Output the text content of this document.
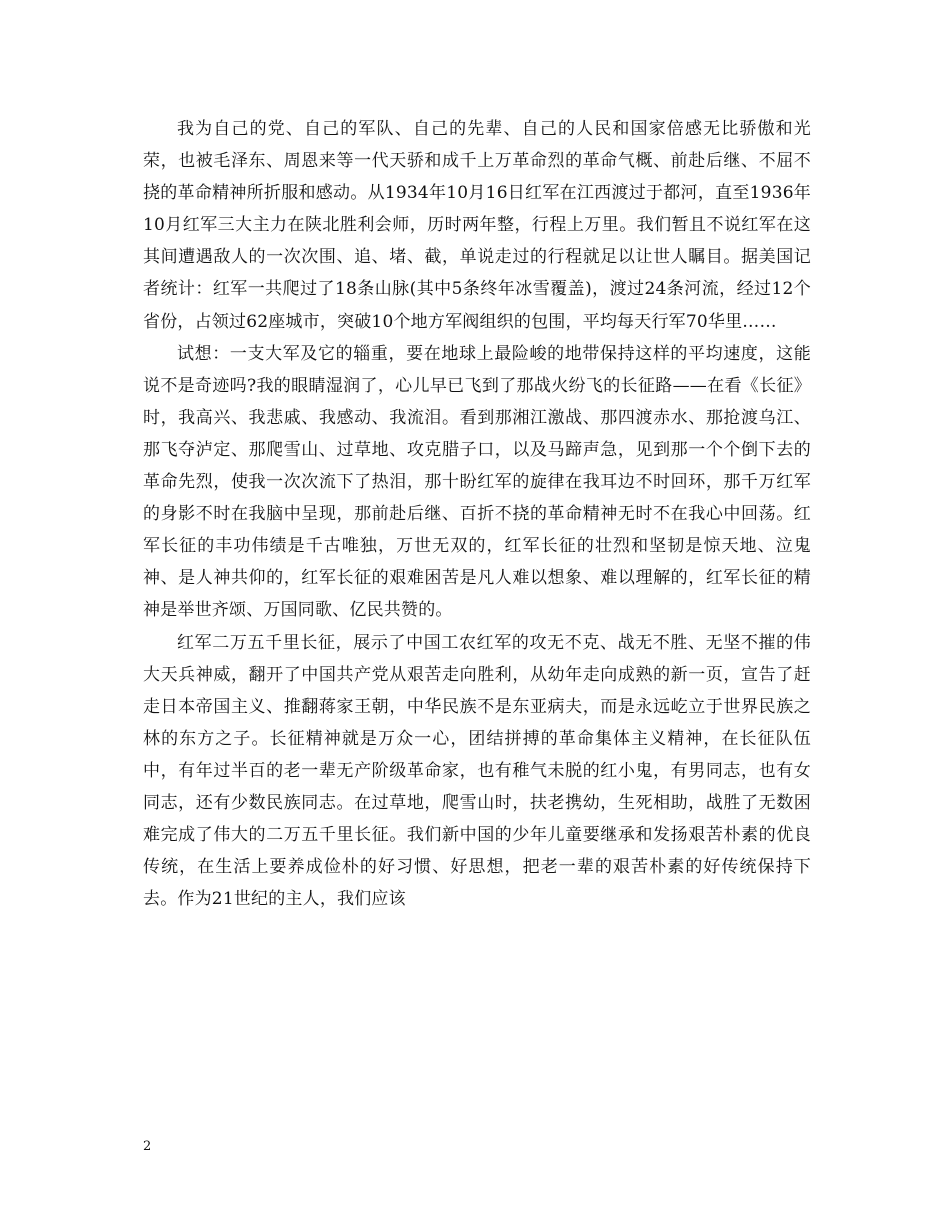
我为自己的党、自己的军队、自己的先辈、自己的人民和国家倍感无比骄傲和光荣，也被毛泽东、周恩来等一代天骄和成千上万革命烈的革命气概、前赴后继、不屈不挠的革命精神所折服和感动。从1934年10月16日红军在江西渡过于都河，直至1936年10月红军三大主力在陕北胜利会师，历时两年整，行程上万里。我们暂且不说红军在这其间遭遇敌人的一次次围、追、堵、截，单说走过的行程就足以让世人瞩目。据美国记者统计：红军一共爬过了18条山脉(其中5条终年冰雪覆盖)，渡过24条河流，经过12个省份，占领过62座城市，突破10个地方军阀组织的包围，平均每天行军70华里……

试想：一支大军及它的辎重，要在地球上最险峻的地带保持这样的平均速度，这能说不是奇迹吗?我的眼睛湿润了，心儿早已飞到了那战火纷飞的长征路——在看《长征》时，我高兴、我悲戚、我感动、我流泪。看到那湘江激战、那四渡赤水、那抢渡乌江、那飞夺泸定、那爬雪山、过草地、攻克腊子口，以及马蹄声急，见到那一个个倒下去的革命先烈，使我一次次流下了热泪，那十盼红军的旋律在我耳边不时回环，那千万红军的身影不时在我脑中呈现，那前赴后继、百折不挠的革命精神无时不在我心中回荡。红军长征的丰功伟绩是千古唯独，万世无双的，红军长征的壮烈和坚韧是惊天地、泣鬼神、是人神共仰的，红军长征的艰难困苦是凡人难以想象、难以理解的，红军长征的精神是举世齐颂、万国同歌、亿民共赞的。

红军二万五千里长征，展示了中国工农红军的攻无不克、战无不胜、无坚不摧的伟大天兵神威，翻开了中国共产党从艰苦走向胜利，从幼年走向成熟的新一页，宣告了赶走日本帝国主义、推翻蒋家王朝，中华民族不是东亚病夫，而是永远屹立于世界民族之林的东方之子。长征精神就是万众一心，团结拼搏的革命集体主义精神，在长征队伍中，有年过半百的老一辈无产阶级革命家，也有稚气未脱的红小鬼，有男同志，也有女同志，还有少数民族同志。在过草地，爬雪山时，扶老携幼，生死相助，战胜了无数困难完成了伟大的二万五千里长征。我们新中国的少年儿童要继承和发扬艰苦朴素的优良传统，在生活上要养成俭朴的好习惯、好思想，把老一辈的艰苦朴素的好传统保持下去。作为21世纪的主人，我们应该

2
